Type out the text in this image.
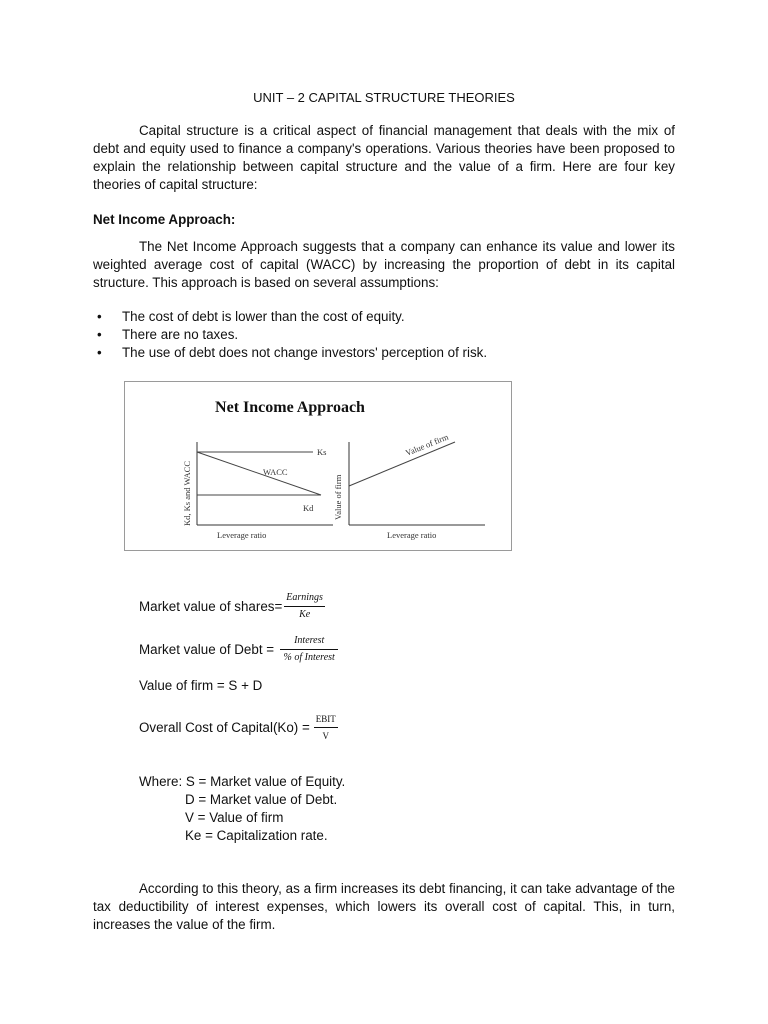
UNIT – 2 CAPITAL STRUCTURE THEORIES

Capital structure is a critical aspect of financial management that deals with the mix of debt and equity used to finance a company's operations. Various theories have been proposed to explain the relationship between capital structure and the value of a firm. Here are four key theories of capital structure:

Net Income Approach:

The Net Income Approach suggests that a company can enhance its value and lower its weighted average cost of capital (WACC) by increasing the proportion of debt in its capital structure. This approach is based on several assumptions:

• The cost of debt is lower than the cost of equity.
• There are no taxes.
• The use of debt does not change investors' perception of risk.
Net Income Approach
Ks
WACC
Kd
Leverage ratio
Kd, Ks and WACC
Value of firm
Leverage ratio
Value of firm
Market value of shares= $\frac{\text{Earnings}}{Ke}$
Market value of Debt = $\frac{\text{Interest}}{\text{\% of Interest}}$
Value of firm = S + D
Overall Cost of Capital(Ko) = $\frac{\text{EBIT}}{V}$
Where: S = Market value of Equity.
D = Market value of Debt.
V = Value of firm
Ke = Capitalization rate.

According to this theory, as a firm increases its debt financing, it can take advantage of the tax deductibility of interest expenses, which lowers its overall cost of capital. This, in turn, increases the value of the firm.
